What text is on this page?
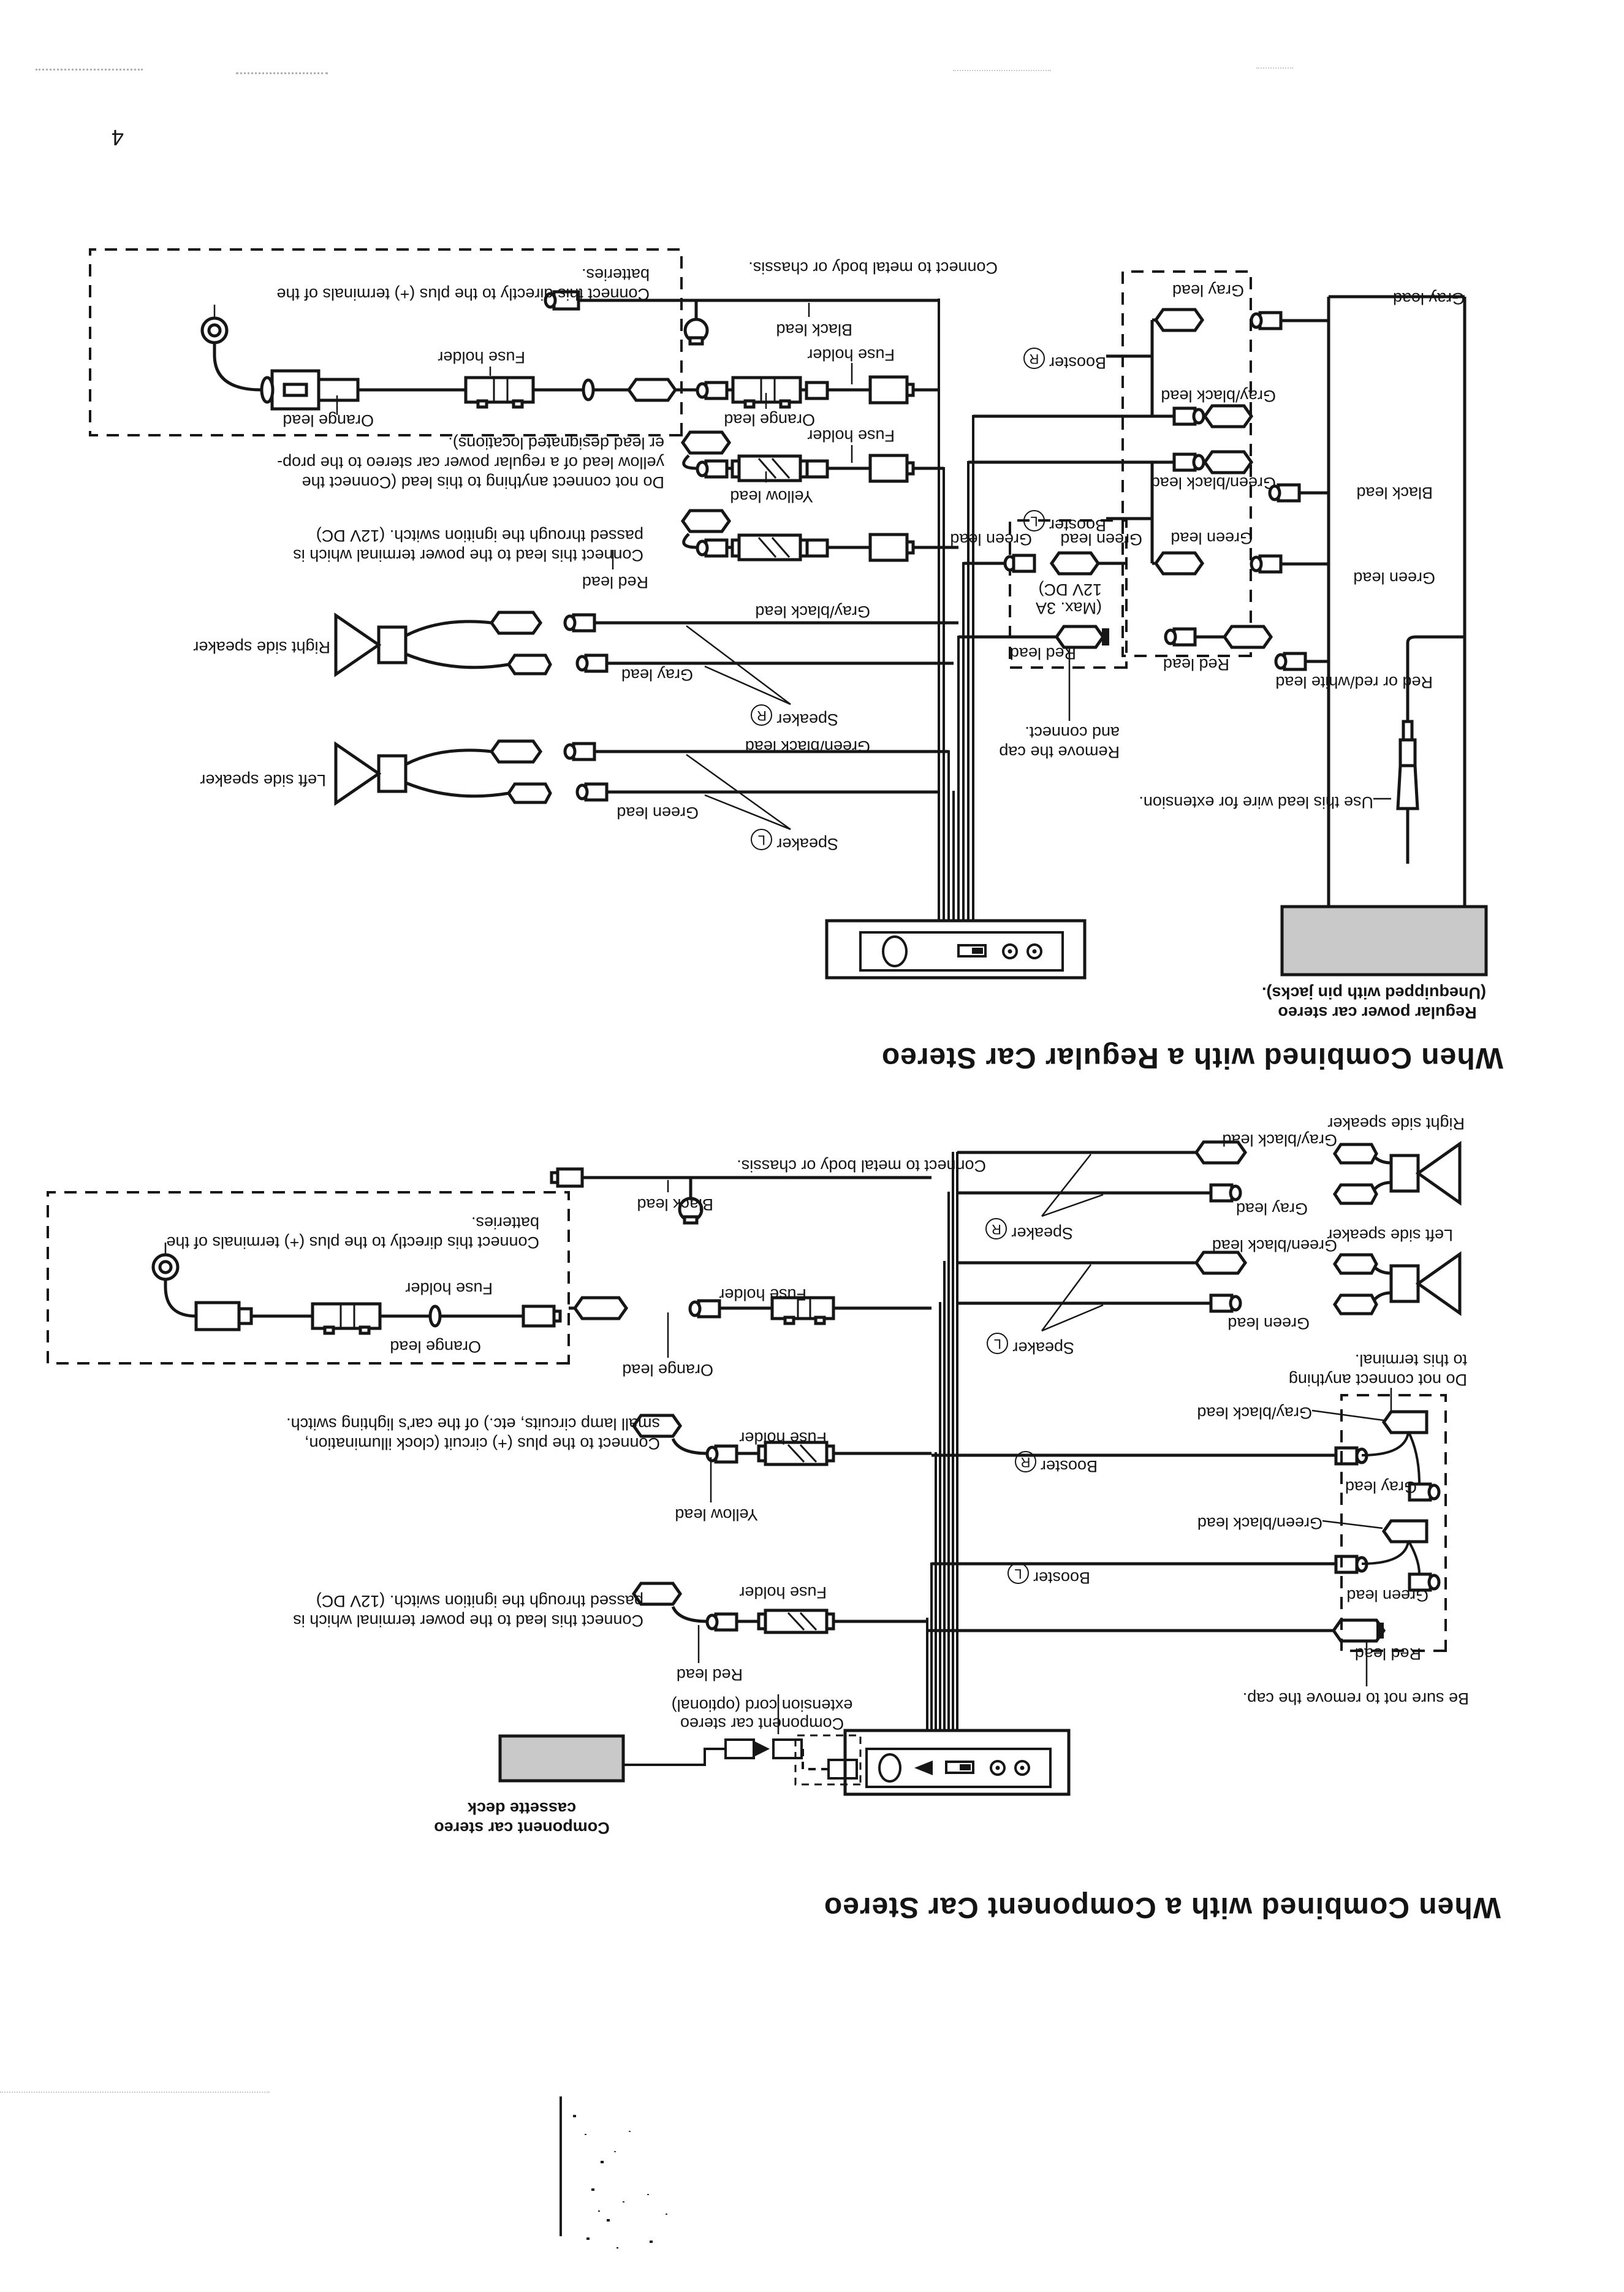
When Combined with a Component Car Stereo
Component car stereo
cassette deck
Component car stereo
extension cord (optional)
Red lead
Connect this lead to the power terminal which is
passed through the ignition switch. (12V DC)	Fuse holder
Yellow lead
Connect to the plus (+) circuit (clock illumination,
small lamp circuits, etc.) of the car's lighting switch.
Fuse holder
Orange lead
Fuse holder
Connect this directly to the plus (+) terminals of the
batteries.
Fuse holder
Orange lead
Connect to metal body or chassis.
Black lead
BoosterR
BoosterL
Gray/black lead
Gray lead
Green/black lead
Green lead
Red lead
Be sure not to remove the cap.
Do not connect anything
to this terminal.
Right side speaker
Left side speaker
Gray lead
Gray/black lead
Green lead
Green/black lead
SpeakerR
SpeakerL
When Combined with a Regular Car Stereo
Regular power car stereo
(Unequipped with pin jacks).
Use this lead wire for extension.
Remove the cap
and connect.
Red or red/white lead
Red lead
Red lead
(Max. 3A
12V DC)
Green lead Green lead Green lead
Green lead
Black lead
Gray lead
Gray lead
Gray/black lead
Green/black lead
BoosterR
BoosterL
SpeakerL
SpeakerR
Left side speaker
Right side speaker
Green lead
Green/black lead
Gray lead
Gray/black lead
Red lead
Connect this lead to the power terminal which is
passed through the ignition switch. (12V DC)
Do not connect anything to this lead (Connect the
yellow lead of a regular power car stereo to the prop-
er lead designated locations).
Yellow lead
Fuse holder
Orange lead
Fuse holder
Black lead
Connect to metal body or chassis.
Connect this directly to the plus (+) terminals of the
batteries.
Fuse holder
Orange lead
4
